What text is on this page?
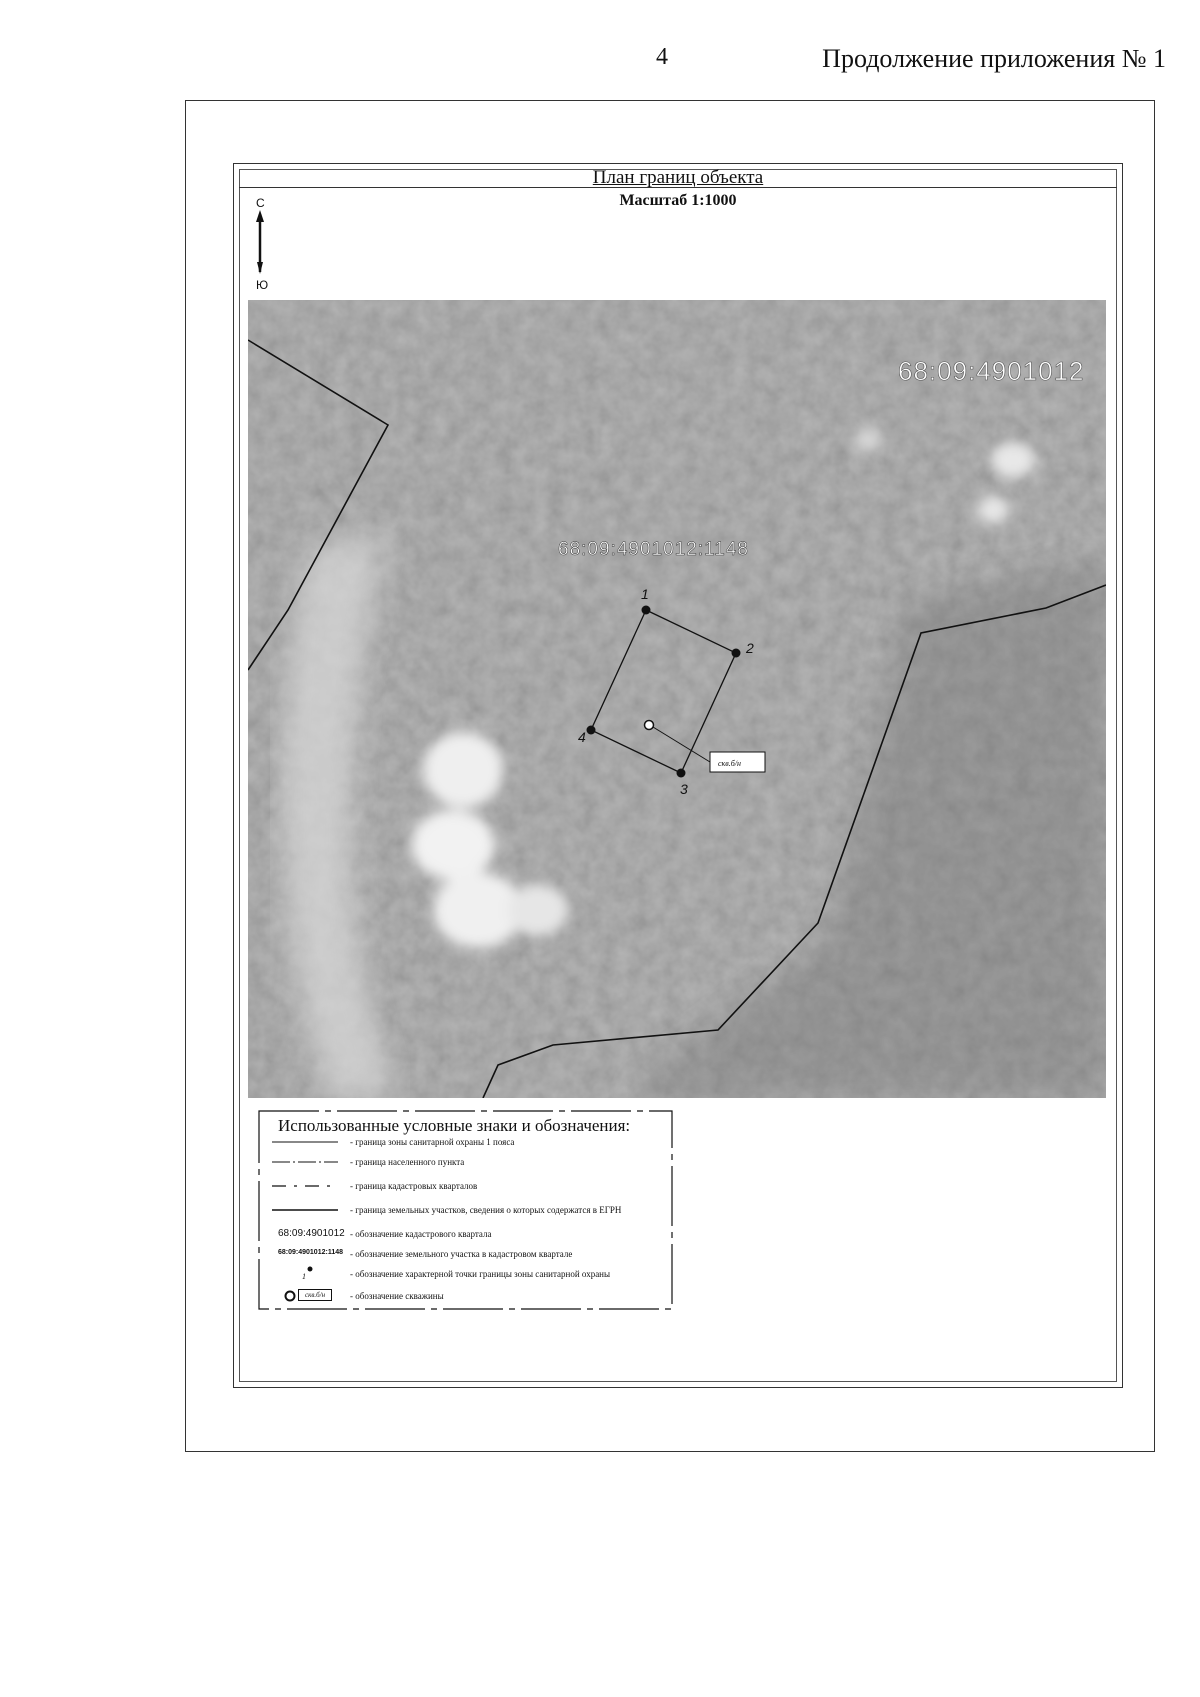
4	Продолжение приложения № 1
План границ объекта
Масштаб 1:1000
С
Ю
68:09:4901012
68:09:4901012:1148
1
2
3
4
скв.б/н
Использованные условные знаки и обозначения:
- граница зоны санитарной охраны 1 пояса
- граница населенного пункта
- граница кадастровых кварталов
- граница земельных участков, сведения о которых содержатся в ЕГРН
68:09:4901012 - обозначение кадастрового квартала
68:09:4901012:1148 - обозначение земельного участка в кадастровом квартале
1	- обозначение характерной точки границы зоны санитарной охраны
скв.б/н	- обозначение скважины
